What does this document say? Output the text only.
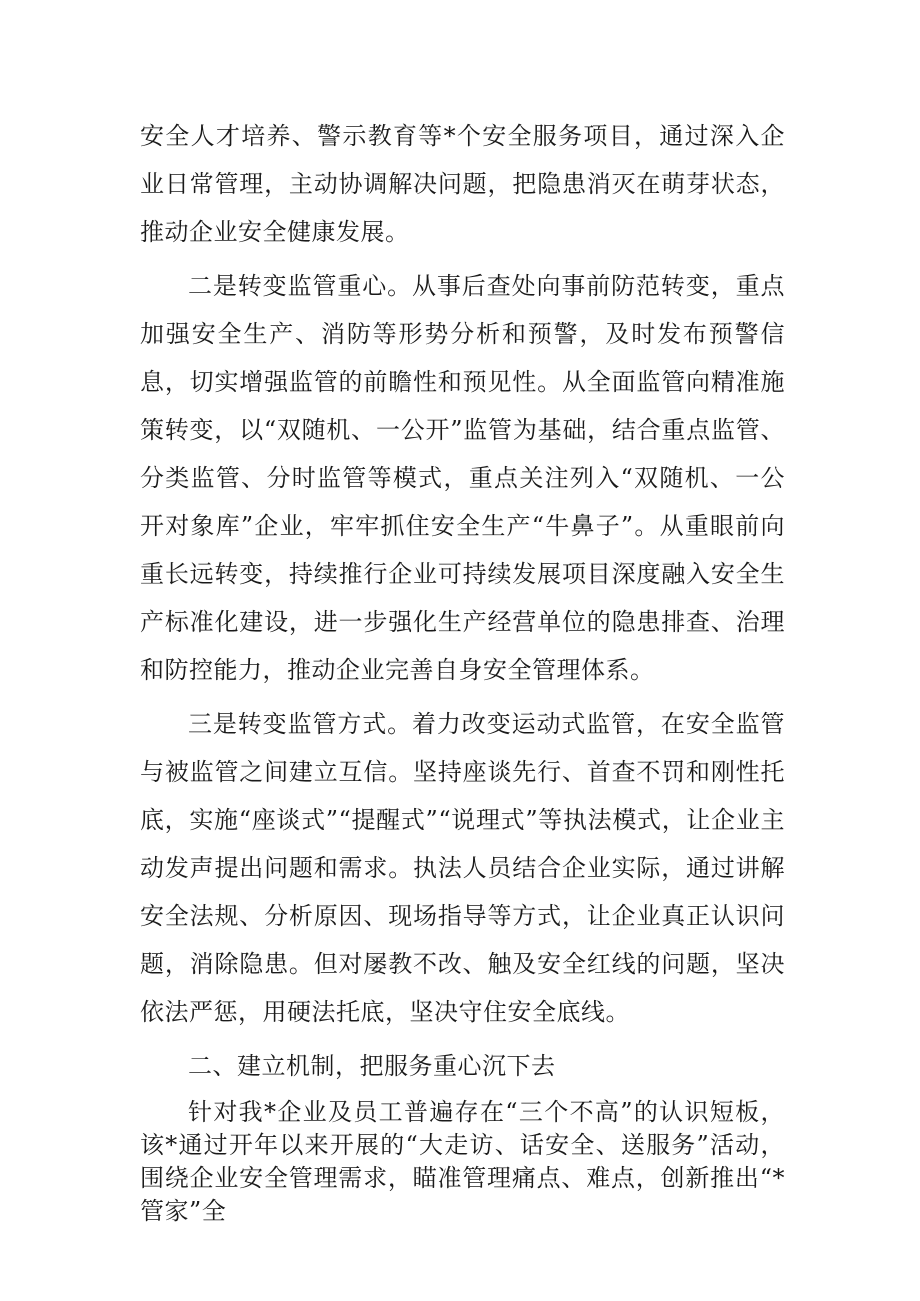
安全人才培养、警示教育等*个安全服务项目，通过深入企业日常管理，主动协调解决问题，把隐患消灭在萌芽状态，推动企业安全健康发展。

二是转变监管重心。从事后查处向事前防范转变，重点加强安全生产、消防等形势分析和预警，及时发布预警信息，切实增强监管的前瞻性和预见性。从全面监管向精准施策转变，以“双随机、一公开”监管为基础，结合重点监管、分类监管、分时监管等模式，重点关注列入“双随机、一公开对象库”企业，牢牢抓住安全生产“牛鼻子”。从重眼前向重长远转变，持续推行企业可持续发展项目深度融入安全生产标准化建设，进一步强化生产经营单位的隐患排查、治理和防控能力，推动企业完善自身安全管理体系。

三是转变监管方式。着力改变运动式监管，在安全监管与被监管之间建立互信。坚持座谈先行、首查不罚和刚性托底，实施“座谈式”“提醒式”“说理式”等执法模式，让企业主动发声提出问题和需求。执法人员结合企业实际，通过讲解安全法规、分析原因、现场指导等方式，让企业真正认识问题，消除隐患。但对屡教不改、触及安全红线的问题，坚决依法严惩，用硬法托底，坚决守住安全底线。

二、建立机制，把服务重心沉下去

针对我*企业及员工普遍存在“三个不高”的认识短板，该*通过开年以来开展的“大走访、话安全、送服务”活动，围绕企业安全管理需求，瞄准管理痛点、难点，创新推出“*管家”全
